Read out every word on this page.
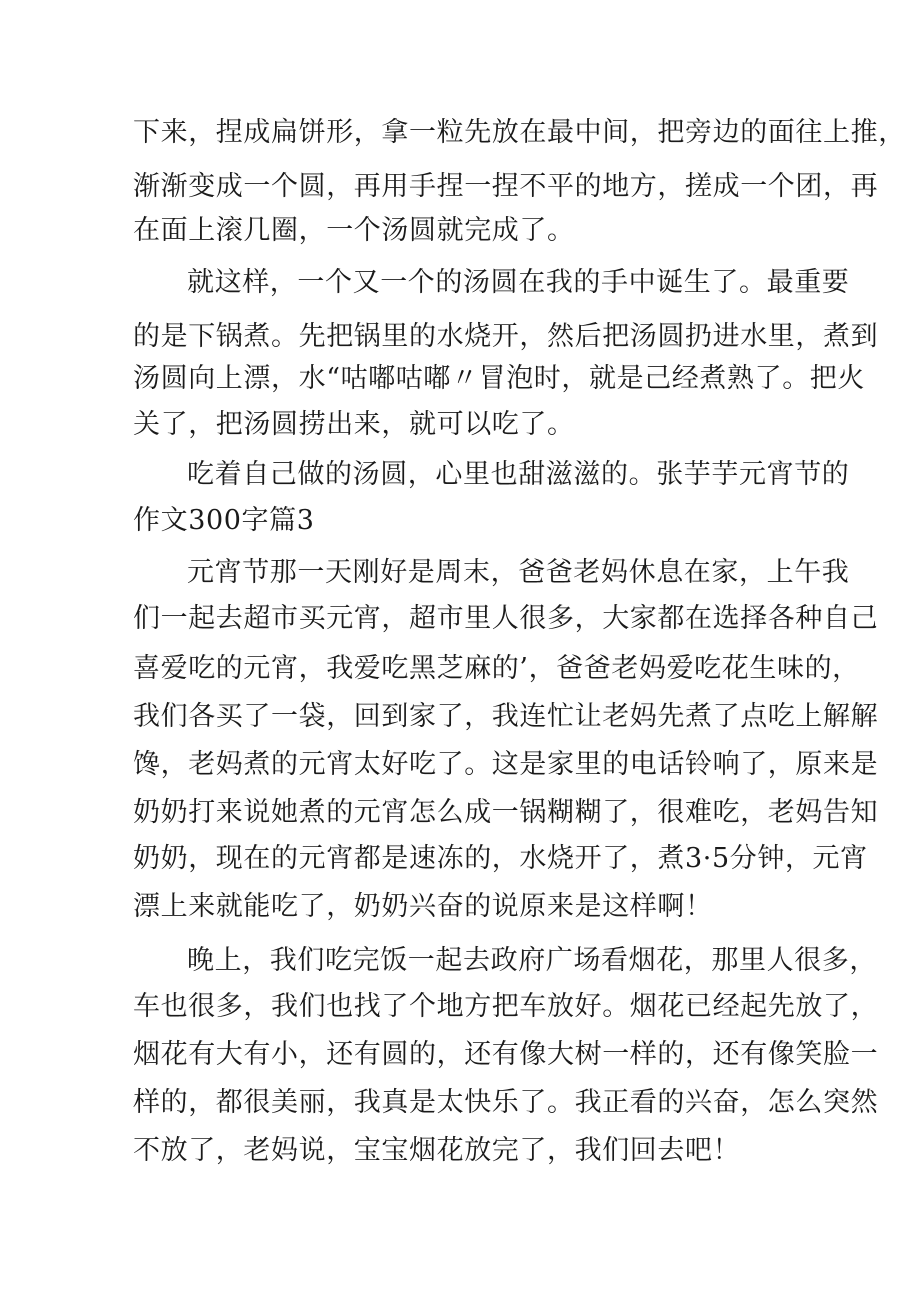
下来，捏成扁饼形，拿一粒先放在最中间，把旁边的面往上推，
渐渐变成一个圆，再用手捏一捏不平的地方，搓成一个团，再
在面上滚几圈，一个汤圆就完成了。
就这样，一个又一个的汤圆在我的手中诞生了。最重要
的是下锅煮。先把锅里的水烧开，然后把汤圆扔进水里，煮到
汤圆向上漂，水“咕嘟咕嘟〃冒泡时，就是己经煮熟了。把火
关了，把汤圆捞出来，就可以吃了。
吃着自己做的汤圆，心里也甜滋滋的。张芋芋元宵节的
作文300字篇3
元宵节那一天刚好是周末，爸爸老妈休息在家，上午我
们一起去超市买元宵，超市里人很多，大家都在选择各种自己
喜爱吃的元宵，我爱吃黑芝麻的’，爸爸老妈爱吃花生味的，
我们各买了一袋，回到家了，我连忙让老妈先煮了点吃上解解
馋，老妈煮的元宵太好吃了。这是家里的电话铃响了，原来是
奶奶打来说她煮的元宵怎么成一锅糊糊了，很难吃，老妈告知
奶奶，现在的元宵都是速冻的，水烧开了，煮3·5分钟，元宵
漂上来就能吃了，奶奶兴奋的说原来是这样啊！
晚上，我们吃完饭一起去政府广场看烟花，那里人很多，
车也很多，我们也找了个地方把车放好。烟花已经起先放了，
烟花有大有小，还有圆的，还有像大树一样的，还有像笑脸一
样的，都很美丽，我真是太快乐了。我正看的兴奋，怎么突然
不放了，老妈说，宝宝烟花放完了，我们回去吧！
